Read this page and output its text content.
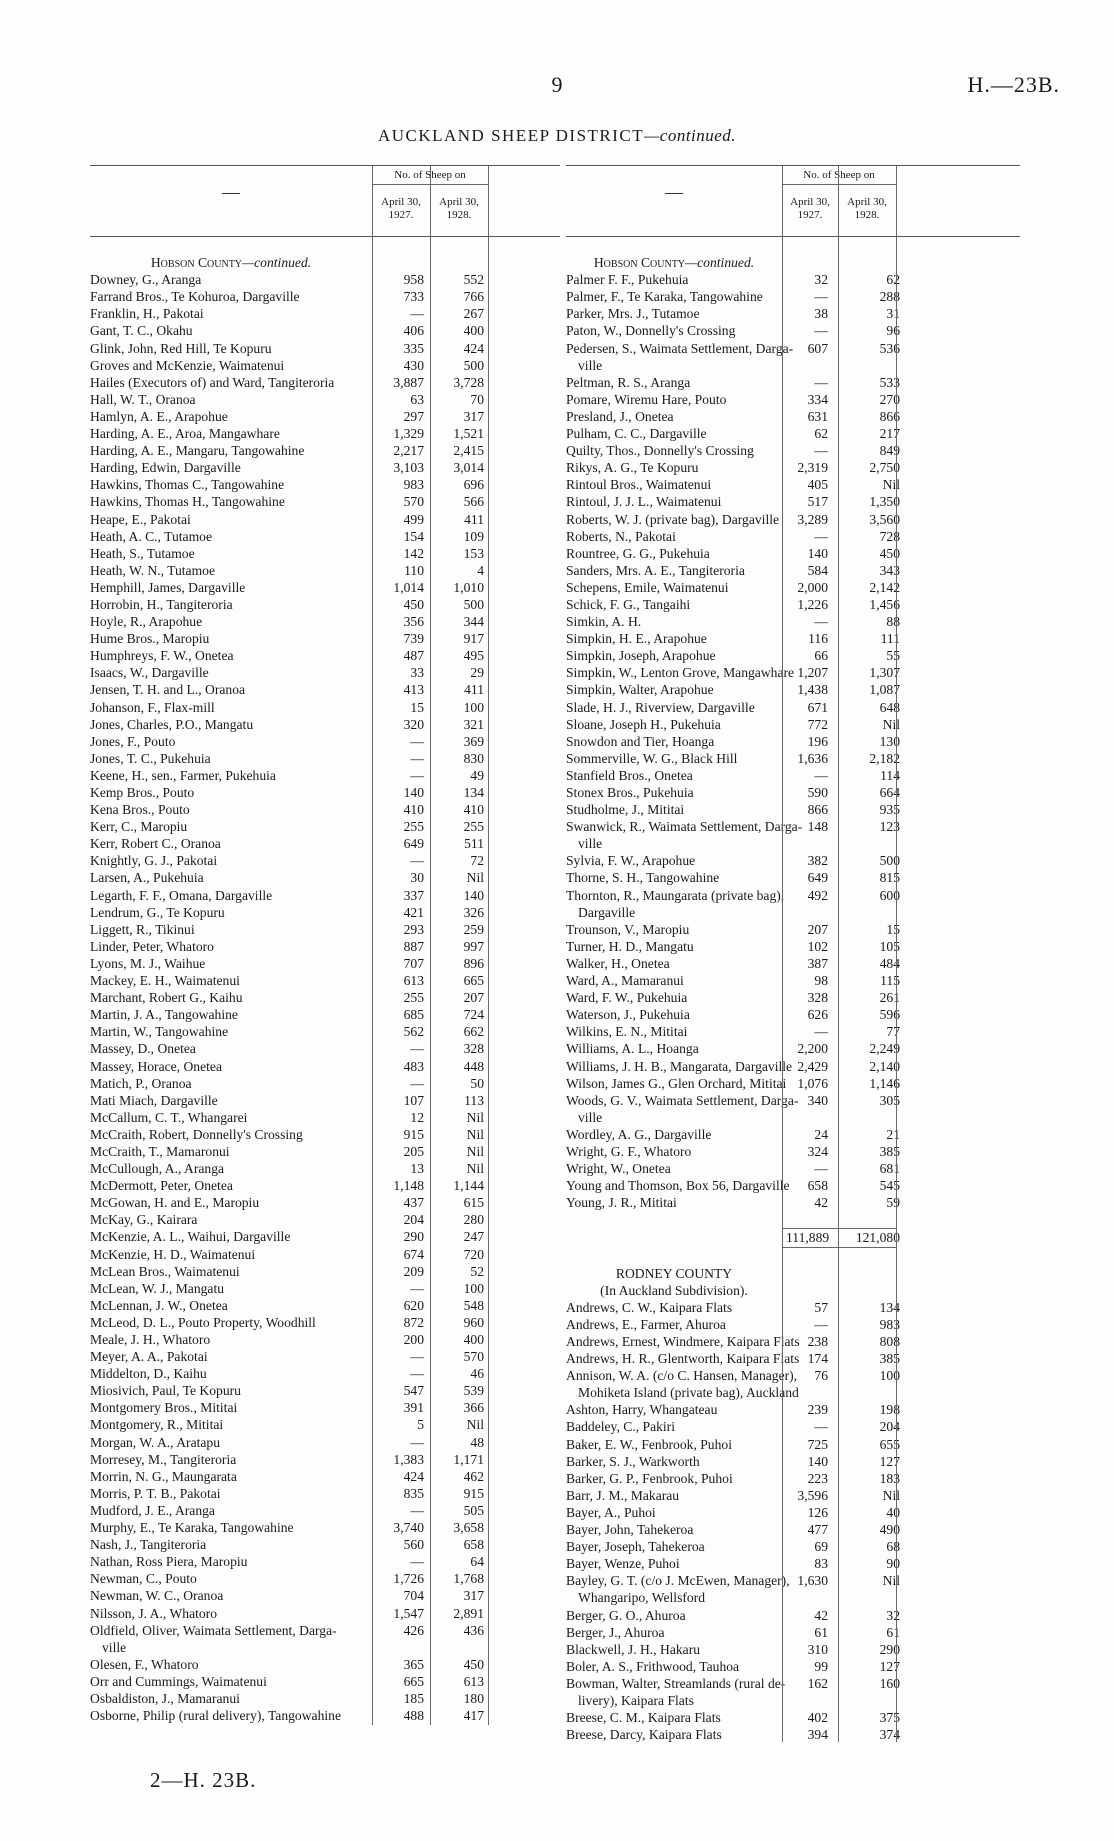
9	H.—23B.
AUCKLAND SHEEP DISTRICT—continued.
—
No. of Sheep on
April 30,
1927.
April 30,
1928.
Hobson County—continued.
Downey, G., Aranga	958	552
Farrand Bros., Te Kohuroa, Dargaville	733	766
Franklin, H., Pakotai	—	267
Gant, T. C., Okahu	406	400
Glink, John, Red Hill, Te Kopuru	335	424
Groves and McKenzie, Waimatenui	430	500
Hailes (Executors of) and Ward, Tangiteroria	3,887	3,728
Hall, W. T., Oranoa	63	70
Hamlyn, A. E., Arapohue	297	317
Harding, A. E., Aroa, Mangawhare	1,329	1,521
Harding, A. E., Mangaru, Tangowahine	2,217	2,415
Harding, Edwin, Dargaville	3,103	3,014
Hawkins, Thomas C., Tangowahine	983	696
Hawkins, Thomas H., Tangowahine	570	566
Heape, E., Pakotai	499	411
Heath, A. C., Tutamoe	154	109
Heath, S., Tutamoe	142	153
Heath, W. N., Tutamoe	110	4
Hemphill, James, Dargaville	1,014	1,010
Horrobin, H., Tangiteroria	450	500
Hoyle, R., Arapohue	356	344
Hume Bros., Maropiu	739	917
Humphreys, F. W., Onetea	487	495
Isaacs, W., Dargaville	33	29
Jensen, T. H. and L., Oranoa	413	411
Johanson, F., Flax-mill	15	100
Jones, Charles, P.O., Mangatu	320	321
Jones, F., Pouto	—	369
Jones, T. C., Pukehuia	—	830
Keene, H., sen., Farmer, Pukehuia	—	49
Kemp Bros., Pouto	140	134
Kena Bros., Pouto	410	410
Kerr, C., Maropiu	255	255
Kerr, Robert C., Oranoa	649	511
Knightly, G. J., Pakotai	—	72
Larsen, A., Pukehuia	30	Nil
Legarth, F. F., Omana, Dargaville	337	140
Lendrum, G., Te Kopuru	421	326
Liggett, R., Tikinui	293	259
Linder, Peter, Whatoro	887	997
Lyons, M. J., Waihue	707	896
Mackey, E. H., Waimatenui	613	665
Marchant, Robert G., Kaihu	255	207
Martin, J. A., Tangowahine	685	724
Martin, W., Tangowahine	562	662
Massey, D., Onetea	—	328
Massey, Horace, Onetea	483	448
Matich, P., Oranoa	—	50
Mati Miach, Dargaville	107	113
McCallum, C. T., Whangarei	12	Nil
McCraith, Robert, Donnelly's Crossing	915	Nil
McCraith, T., Mamaronui	205	Nil
McCullough, A., Aranga	13	Nil
McDermott, Peter, Onetea	1,148	1,144
McGowan, H. and E., Maropiu	437	615
McKay, G., Kairara	204	280
McKenzie, A. L., Waihui, Dargaville	290	247
McKenzie, H. D., Waimatenui	674	720
McLean Bros., Waimatenui	209	52
McLean, W. J., Mangatu	—	100
McLennan, J. W., Onetea	620	548
McLeod, D. L., Pouto Property, Woodhill	872	960
Meale, J. H., Whatoro	200	400
Meyer, A. A., Pakotai	—	570
Middelton, D., Kaihu	—	46
Miosivich, Paul, Te Kopuru	547	539
Montgomery Bros., Mititai	391	366
Montgomery, R., Mititai	5	Nil
Morgan, W. A., Aratapu	—	48
Morresey, M., Tangiteroria	1,383	1,171
Morrin, N. G., Maungarata	424	462
Morris, P. T. B., Pakotai	835	915
Mudford, J. E., Aranga	—	505
Murphy, E., Te Karaka, Tangowahine	3,740	3,658
Nash, J., Tangiteroria	560	658
Nathan, Ross Piera, Maropiu	—	64
Newman, C., Pouto	1,726	1,768
Newman, W. C., Oranoa	704	317
Nilsson, J. A., Whatoro	1,547	2,891
Oldfield, Oliver, Waimata Settlement, Darga-	426	436
ville
Olesen, F., Whatoro	365	450
Orr and Cummings, Waimatenui	665	613
Osbaldiston, J., Mamaranui	185	180
Osborne, Philip (rural delivery), Tangowahine	488	417
—
No. of Sheep on
April 30,
1927.
April 30,
1928.
Hobson County—continued.
Palmer F. F., Pukehuia	32	62
Palmer, F., Te Karaka, Tangowahine	—	288
Parker, Mrs. J., Tutamoe	38	31
Paton, W., Donnelly's Crossing	—	96
Pedersen, S., Waimata Settlement, Darga-	607	536
ville
Peltman, R. S., Aranga	—	533
Pomare, Wiremu Hare, Pouto	334	270
Presland, J., Onetea	631	866
Pulham, C. C., Dargaville	62	217
Quilty, Thos., Donnelly's Crossing	—	849
Rikys, A. G., Te Kopuru	2,319	2,750
Rintoul Bros., Waimatenui	405	Nil
Rintoul, J. J. L., Waimatenui	517	1,350
Roberts, W. J. (private bag), Dargaville	3,289	3,560
Roberts, N., Pakotai	—	728
Rountree, G. G., Pukehuia	140	450
Sanders, Mrs. A. E., Tangiteroria	584	343
Schepens, Emile, Waimatenui	2,000	2,142
Schick, F. G., Tangaihi	1,226	1,456
Simkin, A. H.	—	88
Simpkin, H. E., Arapohue	116	111
Simpkin, Joseph, Arapohue	66	55
Simpkin, W., Lenton Grove, Mangawhare 1,207	1,307
Simpkin, Walter, Arapohue	1,438	1,087
Slade, H. J., Riverview, Dargaville	671	648
Sloane, Joseph H., Pukehuia	772	Nil
Snowdon and Tier, Hoanga	196	130
Sommerville, W. G., Black Hill	1,636	2,182
Stanfield Bros., Onetea	—	114
Stonex Bros., Pukehuia	590	664
Studholme, J., Mititai	866	935
Swanwick, R., Waimata Settlement, Darga- 148	123
ville
Sylvia, F. W., Arapohue	382	500
Thorne, S. H., Tangowahine	649	815
Thornton, R., Maungarata (private bag),	492	600
Dargaville
Trounson, V., Maropiu	207	15
Turner, H. D., Mangatu	102	105
Walker, H., Onetea	387	484
Ward, A., Mamaranui	98	115
Ward, F. W., Pukehuia	328	261
Waterson, J., Pukehuia	626	596
Wilkins, E. N., Mititai	—	77
Williams, A. L., Hoanga	2,200	2,249
Williams, J. H. B., Mangarata, Dargaville 2,429	2,140
Wilson, James G., Glen Orchard, Mititai 1,076	1,146
Woods, G. V., Waimata Settlement, Darga- 340	305
ville
Wordley, A. G., Dargaville	24	21
Wright, G. F., Whatoro	324	385
Wright, W., Onetea	—	681
Young and Thomson, Box 56, Dargaville	658	545
Young, J. R., Mititai	42	59
111,889	121,080
RODNEY COUNTY
(In Auckland Subdivision).
Andrews, C. W., Kaipara Flats	57	134
Andrews, E., Farmer, Ahuroa	—	983
Andrews, Ernest, Windmere, Kaipara Flats 238	808
Andrews, H. R., Glentworth, Kaipara Flats 174	385
Annison, W. A. (c/o C. Hansen, Manager),	76	100
Mohiketa Island (private bag), Auckland
Ashton, Harry, Whangateau	239	198
Baddeley, C., Pakiri	—	204
Baker, E. W., Fenbrook, Puhoi	725	655
Barker, S. J., Warkworth	140	127
Barker, G. P., Fenbrook, Puhoi	223	183
Barr, J. M., Makarau	3,596	Nil
Bayer, A., Puhoi	126	40
Bayer, John, Tahekeroa	477	490
Bayer, Joseph, Tahekeroa	69	68
Bayer, Wenze, Puhoi	83	90
Bayley, G. T. (c/o J. McEwen, Manager), 1,630	Nil
Whangaripo, Wellsford
Berger, G. O., Ahuroa	42	32
Berger, J., Ahuroa	61	61
Blackwell, J. H., Hakaru	310	290
Boler, A. S., Frithwood, Tauhoa	99	127
Bowman, Walter, Streamlands (rural de-	162	160
livery), Kaipara Flats
Breese, C. M., Kaipara Flats	402	375
Breese, Darcy, Kaipara Flats	394	374
2—H. 23B.
